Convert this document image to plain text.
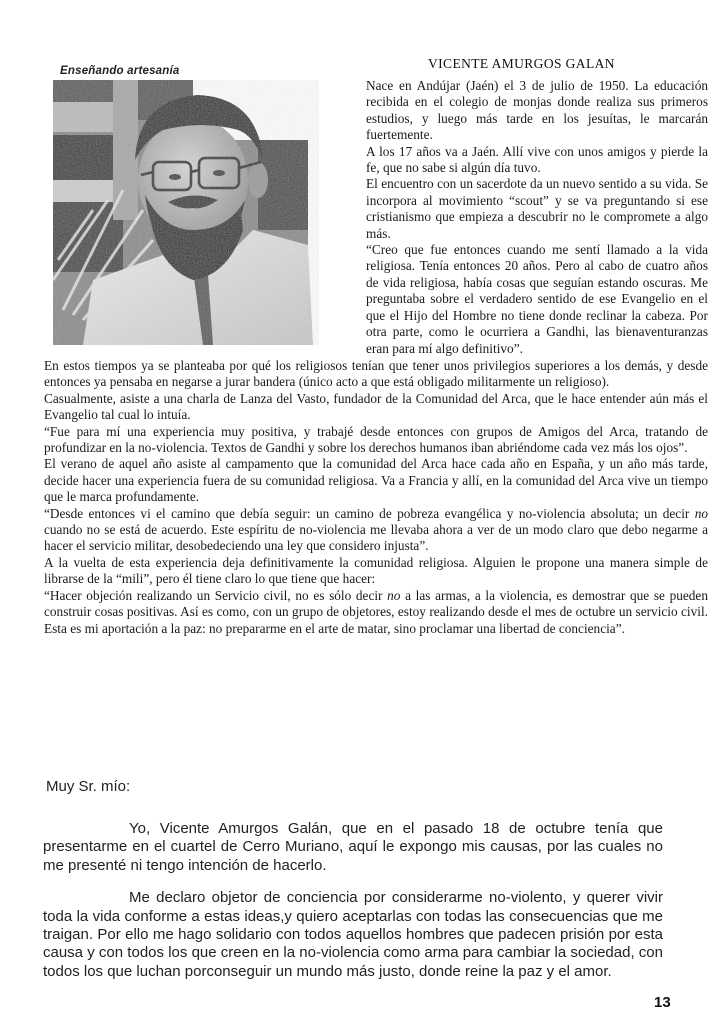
Enseñando artesanía	VICENTE AMURGOS GALAN

Nace en Andújar (Jaén) el 3 de julio de 1950. La educación recibida en el colegio de monjas donde realiza sus primeros estudios, y luego más tarde en los jesuítas, le marcarán fuertemente.

A los 17 años va a Jaén. Allí vive con unos amigos y pierde la fe, que no sabe si algún día tuvo.

El encuentro con un sacerdote da un nuevo sentido a su vida. Se incorpora al movimiento “scout” y se va preguntando si ese cristianismo que empieza a descubrir no le compromete a algo más.

“Creo que fue entonces cuando me sentí llamado a la vida religiosa. Tenía entonces 20 años. Pero al cabo de cuatro años de vida religiosa, había cosas que seguían estando oscuras. Me preguntaba sobre el verdadero sentido de ese Evangelio en el que el Hijo del Hombre no tiene donde reclinar la cabeza. Por otra parte, como le ocurriera a Gandhi, las bienaventuranzas eran para mí algo definitivo”.

En estos tiempos ya se planteaba por qué los religiosos tenían que tener unos privilegios superiores a los demás, y desde entonces ya pensaba en negarse a jurar bandera (único acto a que está obligado militarmente un religioso).

Casualmente, asiste a una charla de Lanza del Vasto, fundador de la Comunidad del Arca, que le hace entender aún más el Evangelio tal cual lo intuía.

“Fue para mí una experiencia muy positiva, y trabajé desde entonces con grupos de Amigos del Arca, tratando de profundizar en la no-violencia. Textos de Gandhi y sobre los derechos humanos iban abriéndome cada vez más los ojos”.

El verano de aquel año asiste al campamento que la comunidad del Arca hace cada año en España, y un año más tarde, decide hacer una experiencia fuera de su comunidad religiosa. Va a Francia y allí, en la comunidad del Arca vive un tiempo que le marca profundamente.

“Desde entonces vi el camino que debía seguir: un camino de pobreza evangélica y no-violencia absoluta; un decir no cuando no se está de acuerdo. Este espíritu de no-violencia me llevaba ahora a ver de un modo claro que debo negarme a hacer el servicio militar, desobedeciendo una ley que considero injusta”.

A la vuelta de esta experiencia deja definitivamente la comunidad religiosa. Alguien le propone una manera simple de librarse de la “mili”, pero él tiene claro lo que tiene que hacer:

“Hacer objeción realizando un Servicio civil, no es sólo decir no a las armas, a la violencia, es demostrar que se pueden construir cosas positivas. Así es como, con un grupo de objetores, estoy realizando desde el mes de octubre un servicio civil. Esta es mi aportación a la paz: no prepararme en el arte de matar, sino proclamar una libertad de conciencia”.

Muy Sr. mío:

Yo, Vicente Amurgos Galán, que en el pasado 18 de octubre tenía que presentarme en el cuartel de Cerro Muriano, aquí le expongo mis causas, por las cuales no me presenté ni tengo intención de hacerlo.

Me declaro objetor de conciencia por considerarme no-violento, y querer vivir toda la vida conforme a estas ideas,y quiero aceptarlas con todas las consecuencias que me traigan. Por ello me hago solidario con todos aquellos hombres que padecen prisión por esta causa y con todos los que creen en la no-violencia como arma para cambiar la sociedad, con todos los que luchan porconseguir un mundo más justo, donde reine la paz y el amor.

13
